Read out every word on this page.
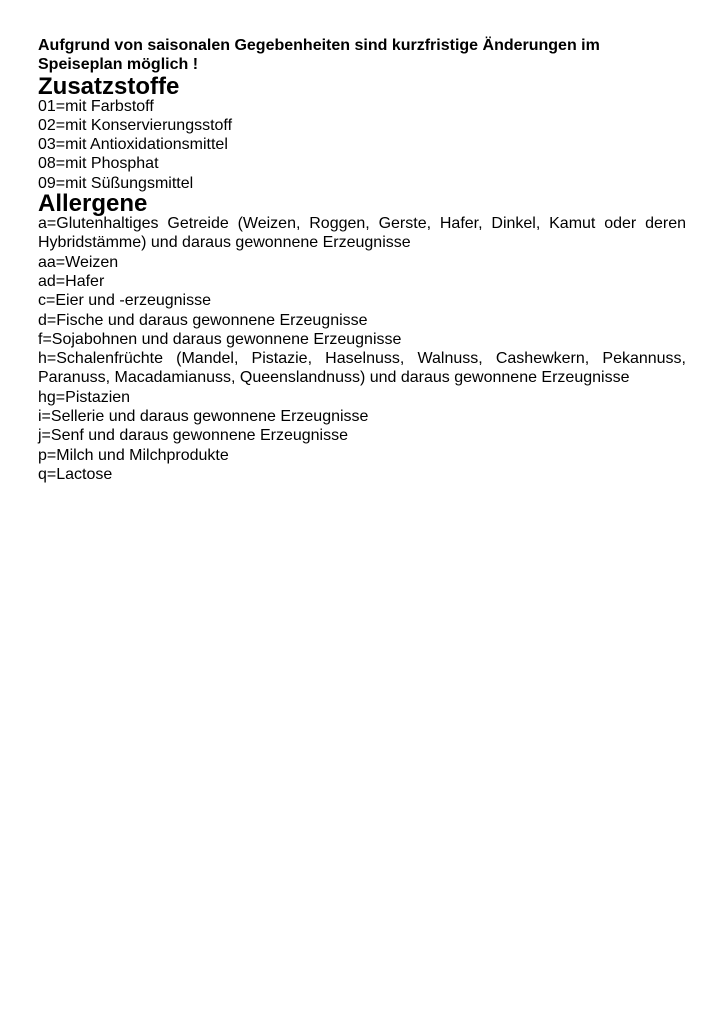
Aufgrund von saisonalen Gegebenheiten sind kurzfristige Änderungen im Speiseplan möglich !

Zusatzstoffe
01=mit Farbstoff
02=mit Konservierungsstoff
03=mit Antioxidationsmittel
08=mit Phosphat
09=mit Süßungsmittel
Allergene
a=Glutenhaltiges Getreide (Weizen, Roggen, Gerste, Hafer, Dinkel, Kamut oder deren Hybridstämme) und daraus gewonnene Erzeugnisse
aa=Weizen
ad=Hafer
c=Eier und -erzeugnisse
d=Fische und daraus gewonnene Erzeugnisse
f=Sojabohnen und daraus gewonnene Erzeugnisse
h=Schalenfrüchte (Mandel, Pistazie, Haselnuss, Walnuss, Cashewkern, Pekannuss, Paranuss, Macadamianuss, Queenslandnuss) und daraus gewonnene Erzeugnisse
hg=Pistazien
i=Sellerie und daraus gewonnene Erzeugnisse
j=Senf und daraus gewonnene Erzeugnisse
p=Milch und Milchprodukte
q=Lactose
